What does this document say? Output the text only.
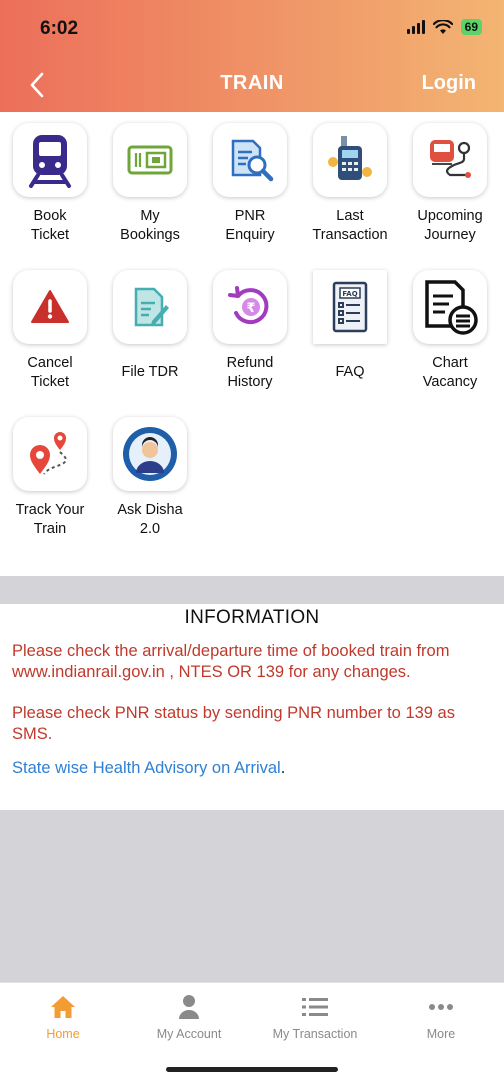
6:02	69
TRAIN	Login
Book
Ticket
My
Bookings
PNR
Enquiry
Last
Transaction
Upcoming
Journey
Cancel
Ticket
File TDR
₹
Refund
History
FAQ
FAQ
Chart
Vacancy
Track Your
Train
Ask Disha
2.0
INFORMATION

Please check the arrival/departure time of booked train from www.indianrail.gov.in , NTES OR 139 for any changes.

Please check PNR status by sending PNR number to 139 as SMS.

State wise Health Advisory on Arrival.

Home	My Account	My Transaction	More
